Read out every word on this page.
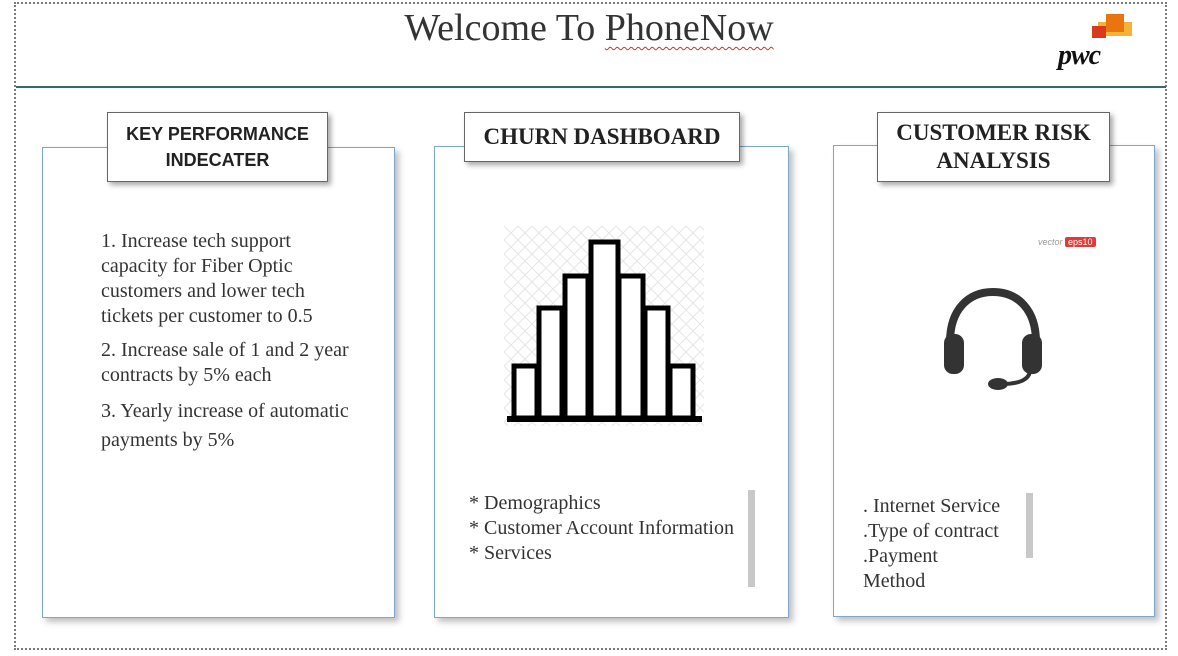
Welcome To PhoneNow
pwc
KEY PERFORMANCE
INDECATER

1. Increase tech support capacity for Fiber Optic customers and lower tech tickets per customer to 0.5

2. Increase sale of 1 and 2 year contracts by 5% each

3. Yearly increase of automatic payments by 5%

CHURN DASHBOARD
* Demographics
* Customer Account Information
* Services
CUSTOMER RISK
ANALYSIS
vector eps10
. Internet Service
.Type of contract
.Payment
Method
